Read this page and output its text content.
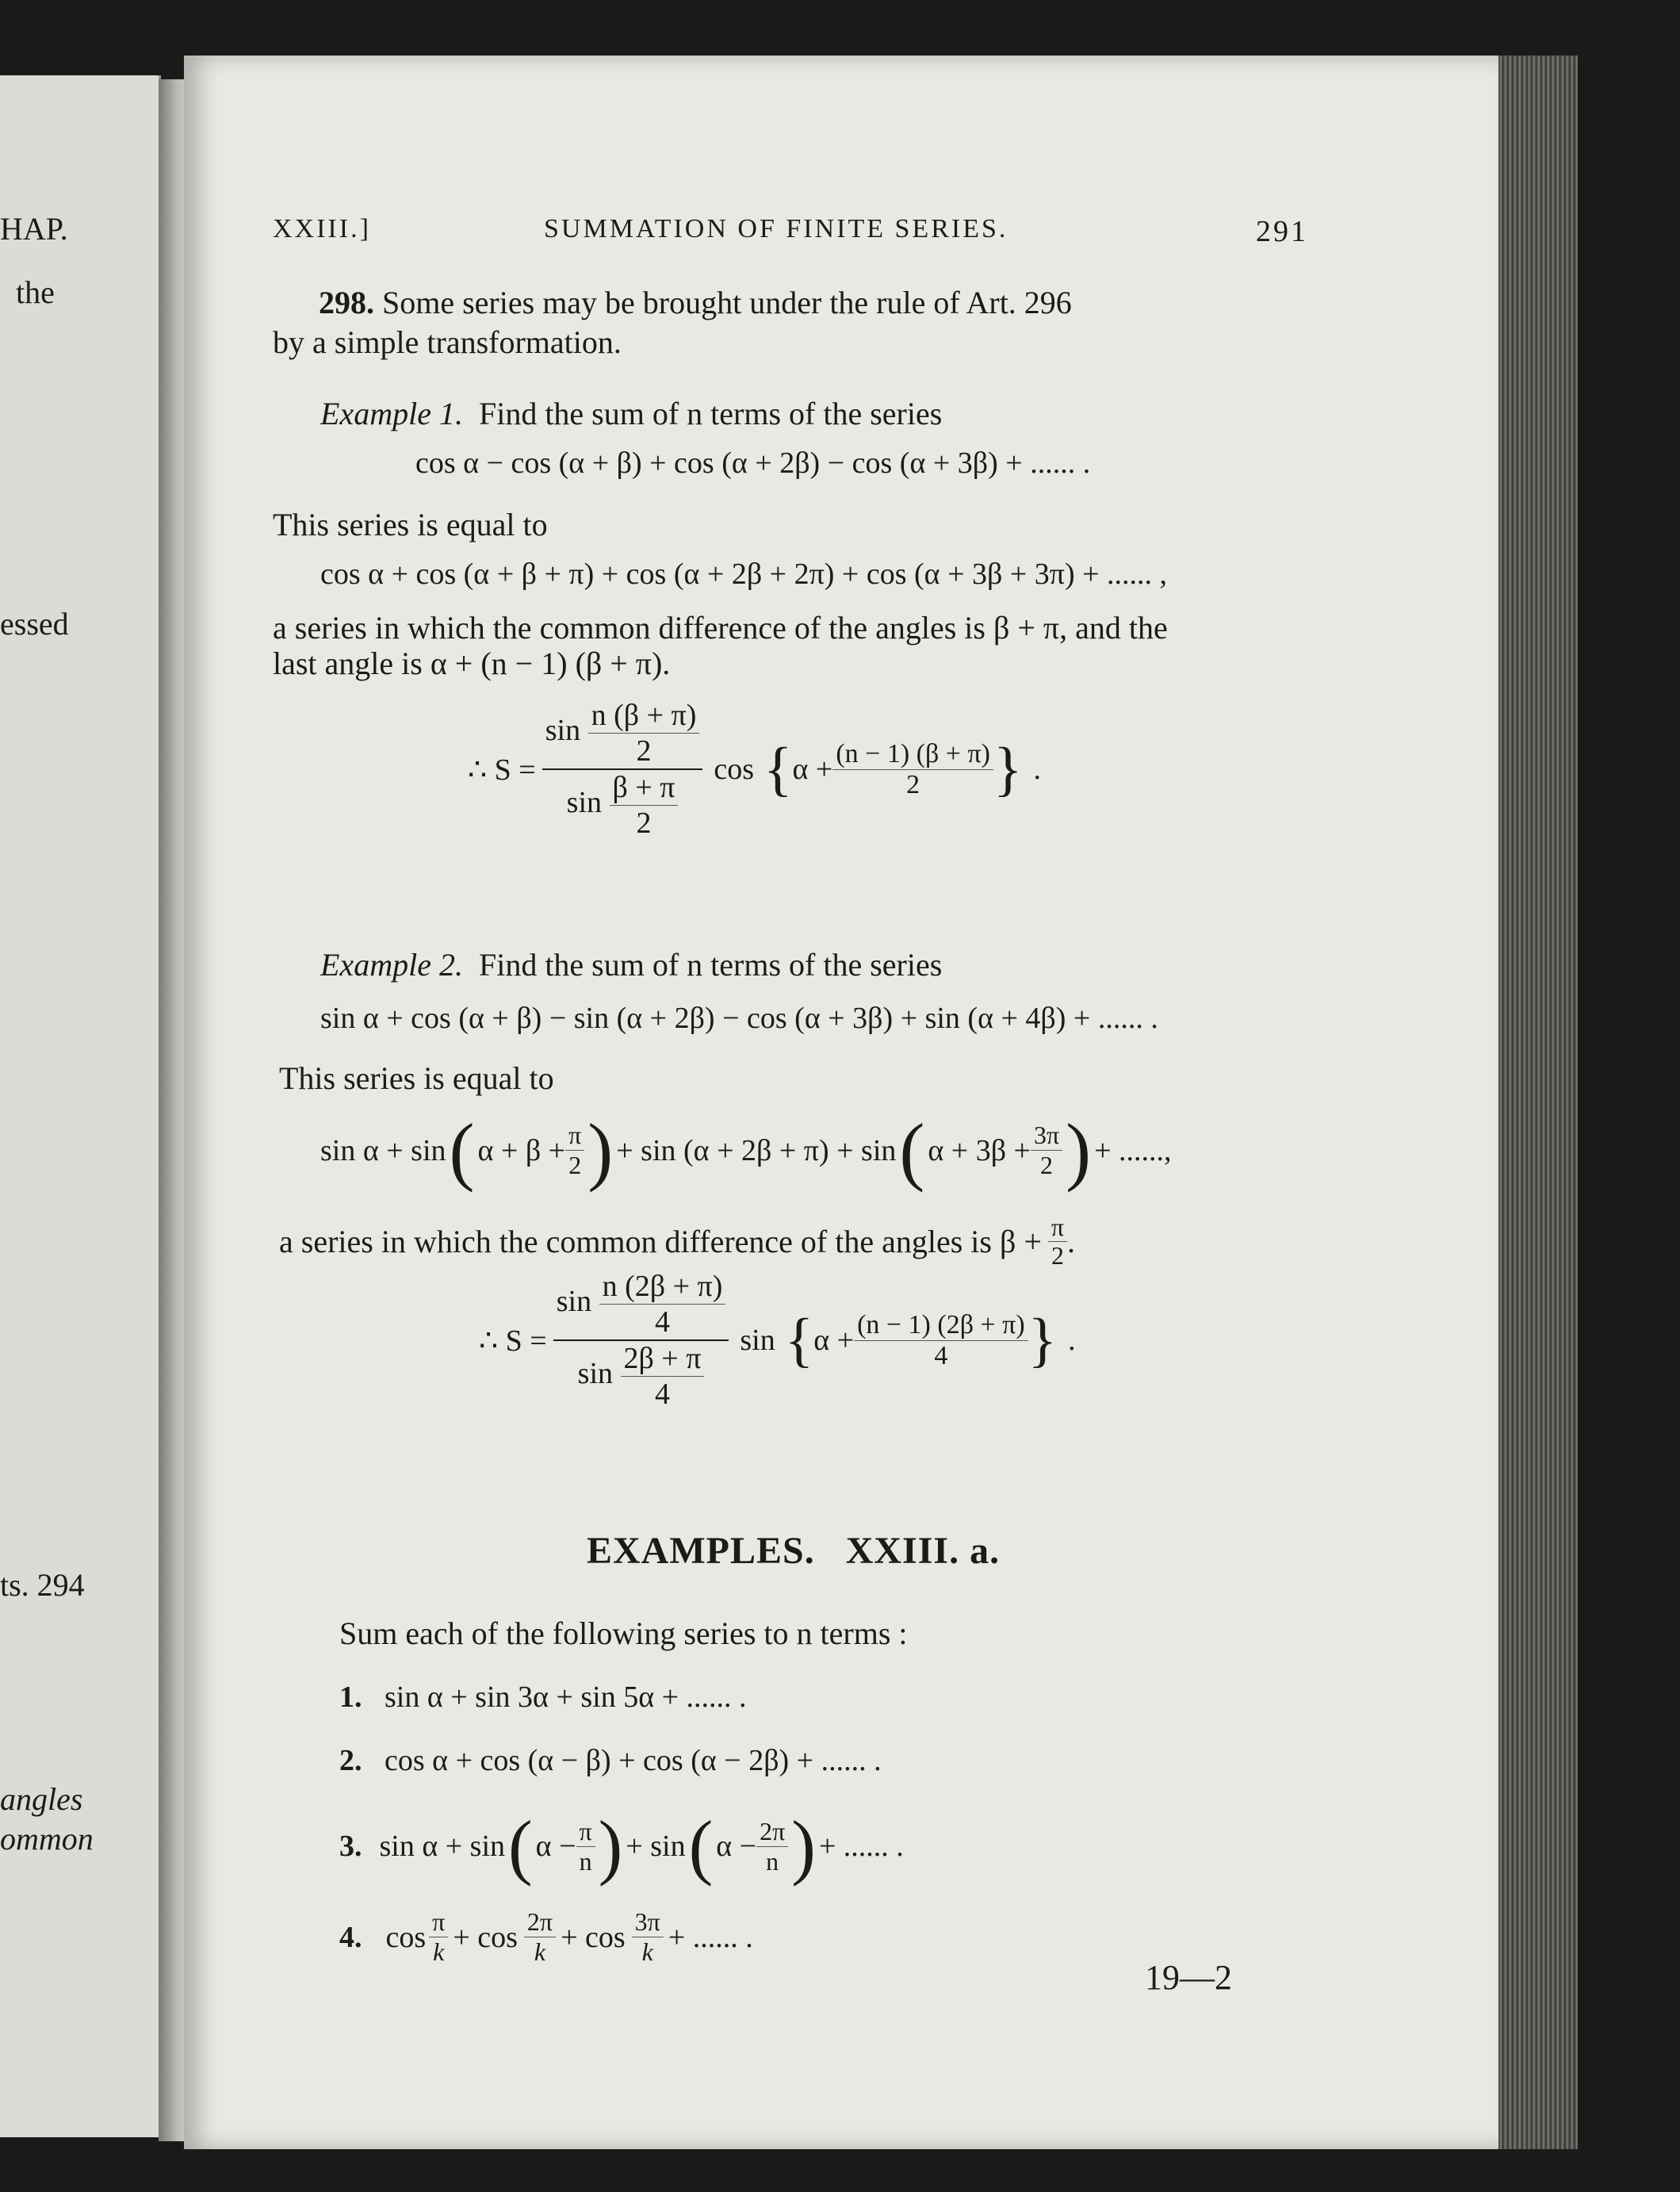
HAP.
the
essed
ts. 294
angles
ommon
XXIII.]	SUMMATION OF FINITE SERIES.	291
298. Some series may be brought under the rule of Art. 296
by a simple transformation.
Example 1. Find the sum of n terms of the series
cos α − cos (α + β) + cos (α + 2β) − cos (α + 3β) + ...... .
This series is equal to
cos α + cos (α + β + π) + cos (α + 2β + 2π) + cos (α + 3β + 3π) + ...... ,
a series in which the common difference of the angles is β + π, and the
last angle is α + (n − 1) (β + π).
∴ $S = \frac{\sin \frac{n (\beta + \pi)}{2}}{\sin \frac{\beta + \pi}{2}}$ cos { $\alpha + \frac{(n - 1) (\beta + \pi)}{2}$ } .
Example 2. Find the sum of n terms of the series
sin α + cos (α + β) − sin (α + 2β) − cos (α + 3β) + sin (α + 4β) + ...... .
This series is equal to
sin α + sin ( $\alpha + \beta + \frac{\pi}{2}$ ) + sin (α + 2β + π) + sin ( $\alpha + 3\beta + \frac{3\pi}{2}$ ) + ......,
a series in which the common difference of the angles is $\beta + \frac{\pi}{2}$ .
∴ $S = \frac{\sin \frac{n (2\beta + \pi)}{4}}{\sin \frac{2\beta + \pi}{4}}$ sin { $\alpha + \frac{(n - 1) (2\beta + \pi)}{4}$ } .
EXAMPLES. XXIII. a.
Sum each of the following series to n terms :
1. sin α + sin 3α + sin 5α + ...... .
2. cos α + cos (α − β) + cos (α − 2β) + ...... .
3. sin α + sin ( $\alpha - \frac{\pi}{n}$ ) + sin ( $\alpha - \frac{2\pi}{n}$ ) + ...... .
4. $\cos \frac{\pi}{k} + \cos \frac{2\pi}{k} + \cos \frac{3\pi}{k}$ + ...... .
19—2
